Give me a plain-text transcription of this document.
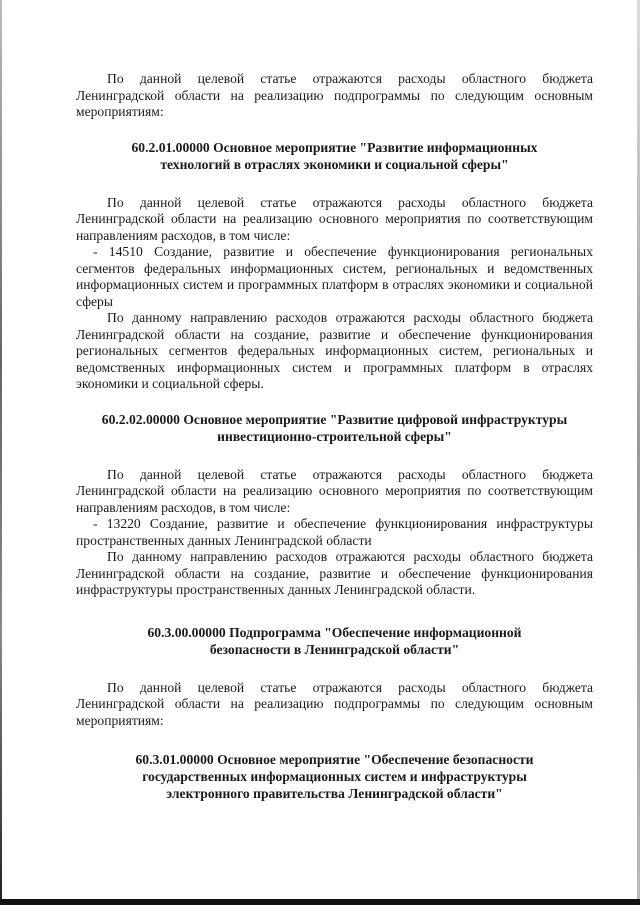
По данной целевой статье отражаются расходы областного бюджета Ленинградской области на реализацию подпрограммы по следующим основным мероприятиям:

60.2.01.00000 Основное мероприятие "Развитие информационных технологий в отраслях экономики и социальной сферы"

По данной целевой статье отражаются расходы областного бюджета Ленинградской области на реализацию основного мероприятия по соответствующим направлениям расходов, в том числе:

- 14510 Создание, развитие и обеспечение функционирования региональных сегментов федеральных информационных систем, региональных и ведомственных информационных систем и программных платформ в отраслях экономики и социальной сферы

По данному направлению расходов отражаются расходы областного бюджета Ленинградской области на создание, развитие и обеспечение функционирования региональных сегментов федеральных информационных систем, региональных и ведомственных информационных систем и программных платформ в отраслях экономики и социальной сферы.

60.2.02.00000 Основное мероприятие "Развитие цифровой инфраструктуры инвестиционно-строительной сферы"

По данной целевой статье отражаются расходы областного бюджета Ленинградской области на реализацию основного мероприятия по соответствующим направлениям расходов, в том числе:

- 13220 Создание, развитие и обеспечение функционирования инфраструктуры пространственных данных Ленинградской области

По данному направлению расходов отражаются расходы областного бюджета Ленинградской области на создание, развитие и обеспечение функционирования инфраструктуры пространственных данных Ленинградской области.

60.3.00.00000 Подпрограмма "Обеспечение информационной безопасности в Ленинградской области"

По данной целевой статье отражаются расходы областного бюджета Ленинградской области на реализацию подпрограммы по следующим основным мероприятиям:

60.3.01.00000 Основное мероприятие "Обеспечение безопасности государственных информационных систем и инфраструктуры электронного правительства Ленинградской области"
